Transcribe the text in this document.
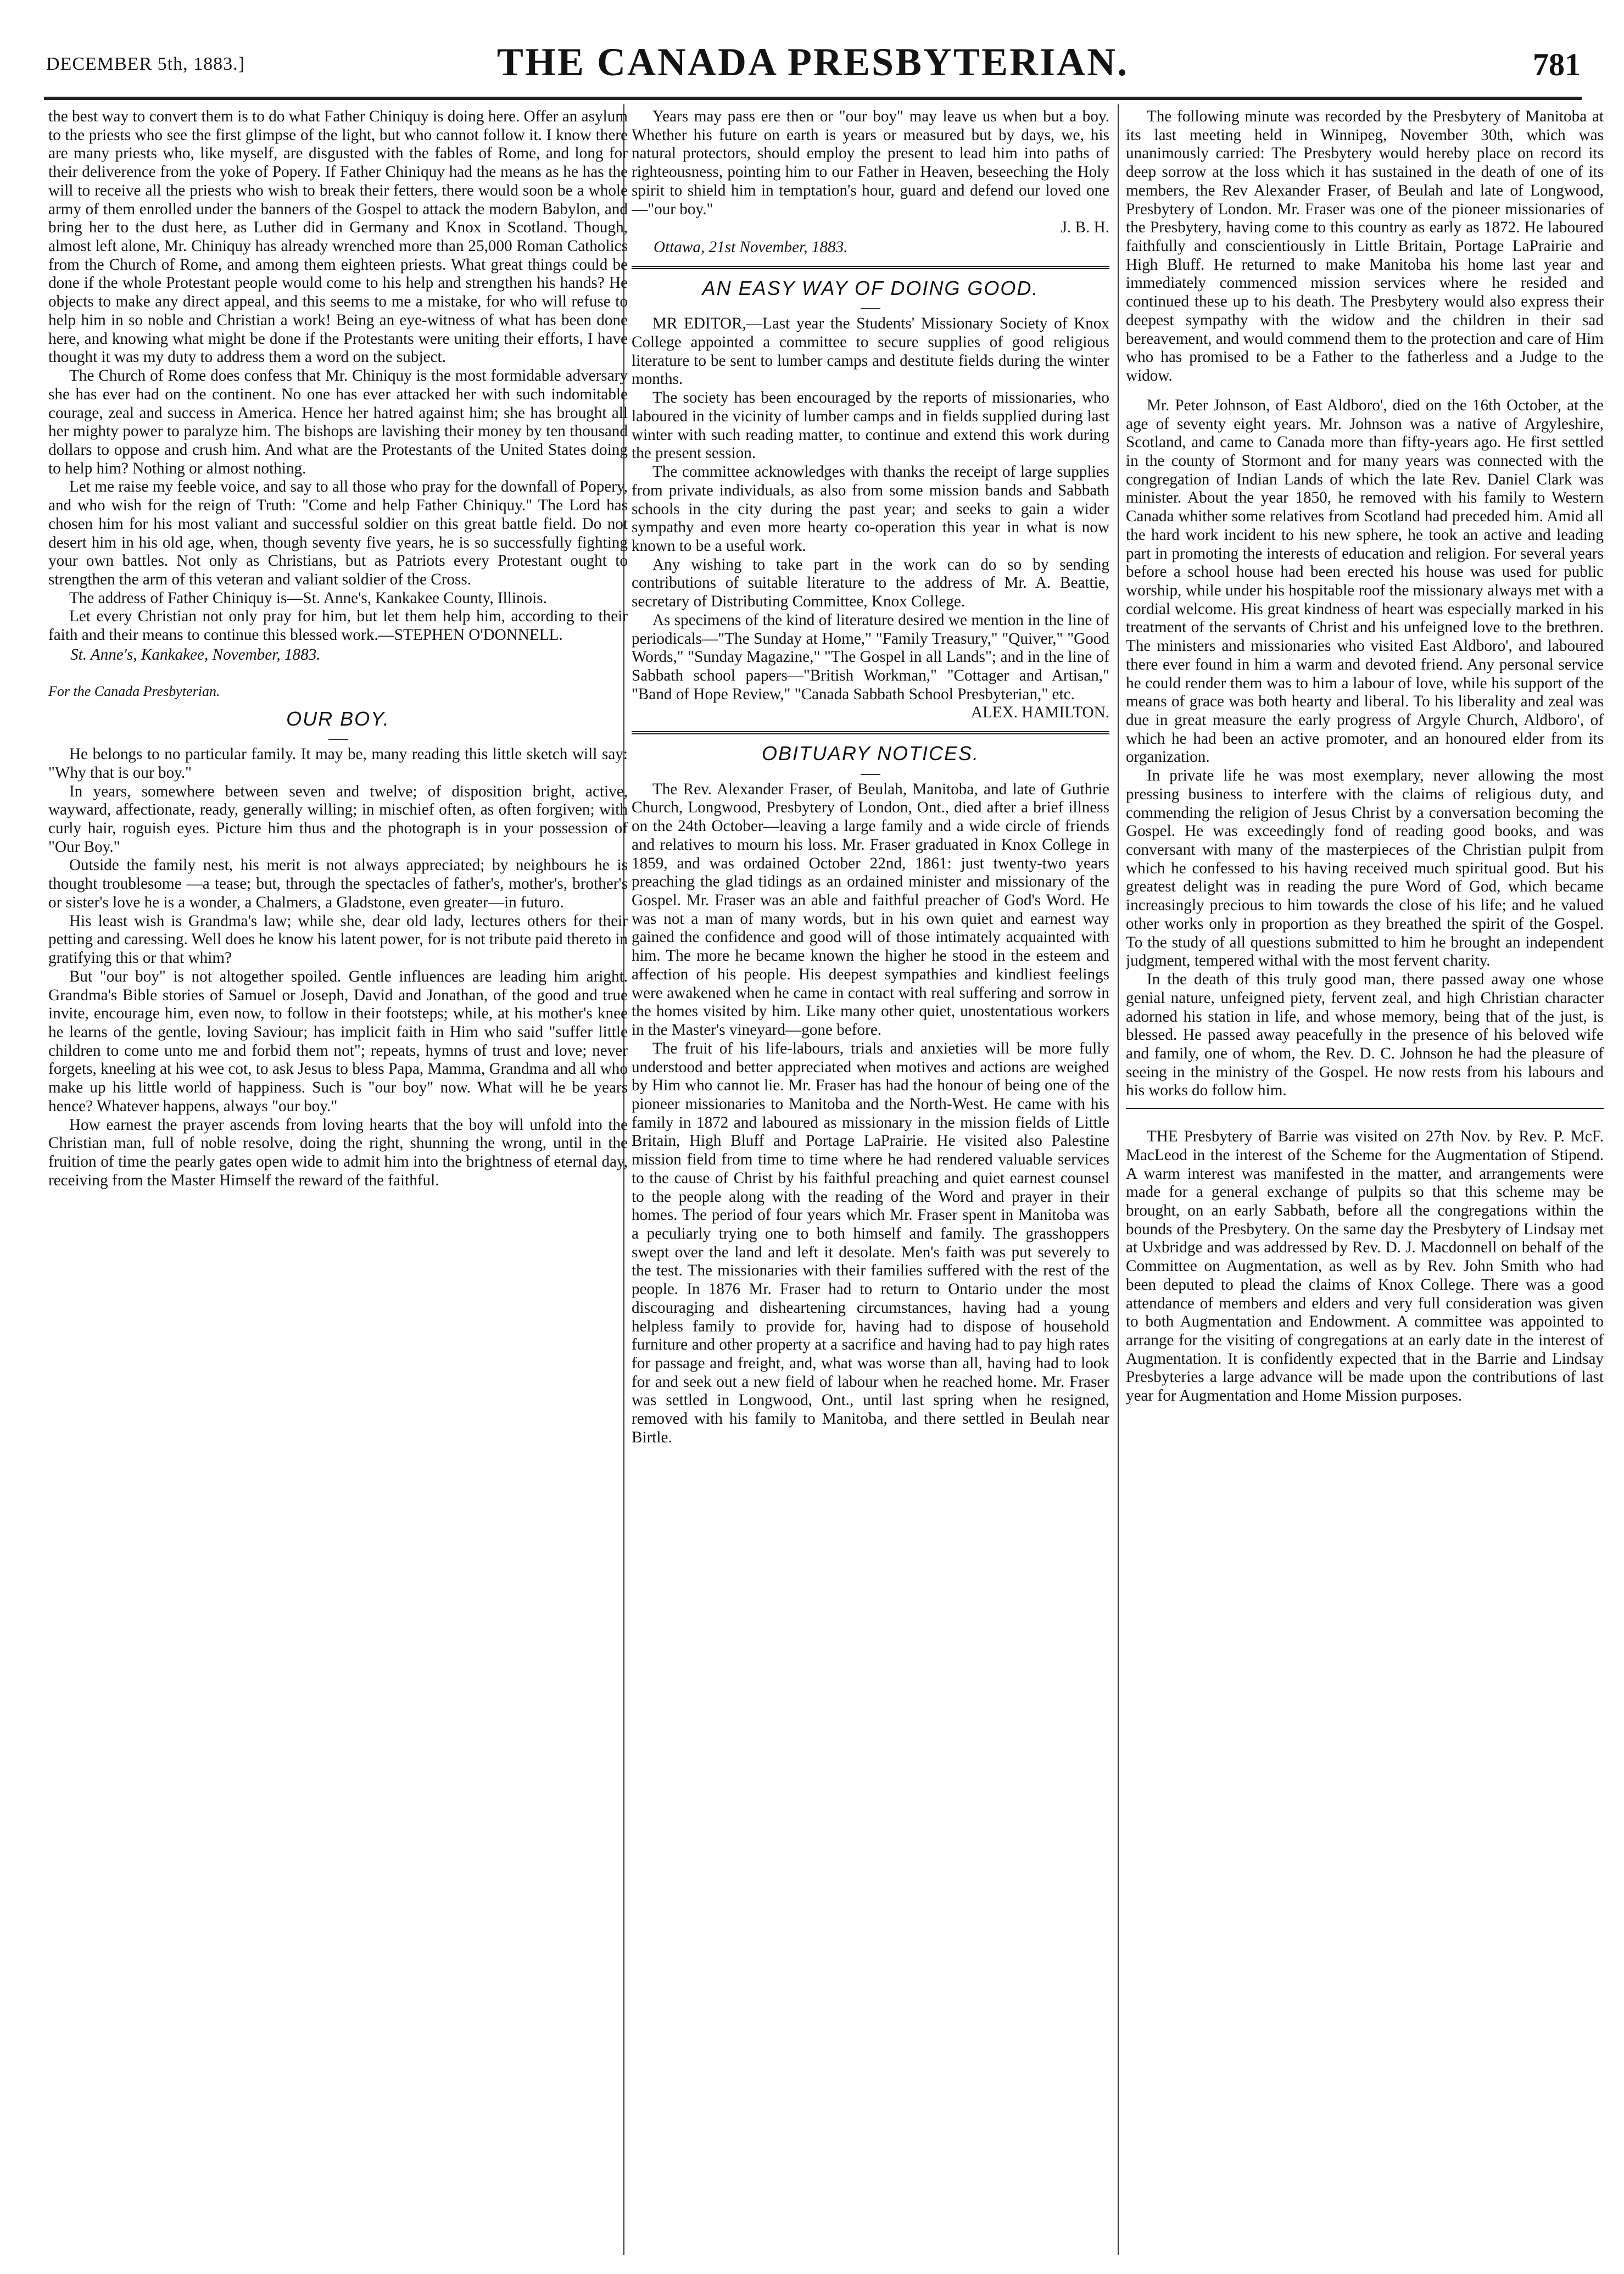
DECEMBER 5th, 1883.]	THE CANADA PRESBYTERIAN.	781

the best way to convert them is to do what Father Chiniquy is doing here. Offer an asylum to the priests who see the first glimpse of the light, but who cannot follow it. I know there are many priests who, like myself, are disgusted with the fables of Rome, and long for their deliverence from the yoke of Popery. If Father Chiniquy had the means as he has the will to receive all the priests who wish to break their fetters, there would soon be a whole army of them enrolled under the banners of the Gospel to attack the modern Babylon, and bring her to the dust here, as Luther did in Germany and Knox in Scotland. Though, almost left alone, Mr. Chiniquy has already wrenched more than 25,000 Roman Catholics from the Church of Rome, and among them eighteen priests. What great things could be done if the whole Protestant people would come to his help and strengthen his hands? He objects to make any direct appeal, and this seems to me a mistake, for who will refuse to help him in so noble and Christian a work! Being an eye-witness of what has been done here, and knowing what might be done if the Protestants were uniting their efforts, I have thought it was my duty to address them a word on the subject.

The Church of Rome does confess that Mr. Chiniquy is the most formidable adversary she has ever had on the continent. No one has ever attacked her with such indomitable courage, zeal and success in America. Hence her hatred against him; she has brought all her mighty power to paralyze him. The bishops are lavishing their money by ten thousand dollars to oppose and crush him. And what are the Protestants of the United States doing to help him? Nothing or almost nothing.

Let me raise my feeble voice, and say to all those who pray for the downfall of Popery, and who wish for the reign of Truth: "Come and help Father Chiniquy." The Lord has chosen him for his most valiant and successful soldier on this great battle field. Do not desert him in his old age, when, though seventy five years, he is so successfully fighting your own battles. Not only as Christians, but as Patriots every Protestant ought to strengthen the arm of this veteran and valiant soldier of the Cross.

The address of Father Chiniquy is—St. Anne's, Kankakee County, Illinois.

Let every Christian not only pray for him, but let them help him, according to their faith and their means to continue this blessed work.—STEPHEN O'DONNELL.

St. Anne's, Kankakee, November, 1883.

For the Canada Presbyterian.

OUR BOY.

He belongs to no particular family. It may be, many reading this little sketch will say: "Why that is our boy."

In years, somewhere between seven and twelve; of disposition bright, active, wayward, affectionate, ready, generally willing; in mischief often, as often forgiven; with curly hair, roguish eyes. Picture him thus and the photograph is in your possession of "Our Boy."

Outside the family nest, his merit is not always appreciated; by neighbours he is thought troublesome —a tease; but, through the spectacles of father's, mother's, brother's or sister's love he is a wonder, a Chalmers, a Gladstone, even greater—in futuro.

His least wish is Grandma's law; while she, dear old lady, lectures others for their petting and caressing. Well does he know his latent power, for is not tribute paid thereto in gratifying this or that whim?

But "our boy" is not altogether spoiled. Gentle influences are leading him aright. Grandma's Bible stories of Samuel or Joseph, David and Jonathan, of the good and true invite, encourage him, even now, to follow in their footsteps; while, at his mother's knee he learns of the gentle, loving Saviour; has implicit faith in Him who said "suffer little children to come unto me and forbid them not"; repeats, hymns of trust and love; never forgets, kneeling at his wee cot, to ask Jesus to bless Papa, Mamma, Grandma and all who make up his little world of happiness. Such is "our boy" now. What will he be years hence? Whatever happens, always "our boy."

How earnest the prayer ascends from loving hearts that the boy will unfold into the Christian man, full of noble resolve, doing the right, shunning the wrong, until in the fruition of time the pearly gates open wide to admit him into the brightness of eternal day, receiving from the Master Himself the reward of the faithful.

Years may pass ere then or "our boy" may leave us when but a boy. Whether his future on earth is years or measured but by days, we, his natural protectors, should employ the present to lead him into paths of righteousness, pointing him to our Father in Heaven, beseeching the Holy spirit to shield him in temptation's hour, guard and defend our loved one—"our boy."

J. B. H.

Ottawa, 21st November, 1883.

AN EASY WAY OF DOING GOOD.

MR EDITOR,—Last year the Students' Missionary Society of Knox College appointed a committee to secure supplies of good religious literature to be sent to lumber camps and destitute fields during the winter months.

The society has been encouraged by the reports of missionaries, who laboured in the vicinity of lumber camps and in fields supplied during last winter with such reading matter, to continue and extend this work during the present session.

The committee acknowledges with thanks the receipt of large supplies from private individuals, as also from some mission bands and Sabbath schools in the city during the past year; and seeks to gain a wider sympathy and even more hearty co-operation this year in what is now known to be a useful work.

Any wishing to take part in the work can do so by sending contributions of suitable literature to the address of Mr. A. Beattie, secretary of Distributing Committee, Knox College.

As specimens of the kind of literature desired we mention in the line of periodicals—"The Sunday at Home," "Family Treasury," "Quiver," "Good Words," "Sunday Magazine," "The Gospel in all Lands"; and in the line of Sabbath school papers—"British Workman," "Cottager and Artisan," "Band of Hope Review," "Canada Sabbath School Presbyterian," etc.

ALEX. HAMILTON.

OBITUARY NOTICES.

The Rev. Alexander Fraser, of Beulah, Manitoba, and late of Guthrie Church, Longwood, Presbytery of London, Ont., died after a brief illness on the 24th October—leaving a large family and a wide circle of friends and relatives to mourn his loss. Mr. Fraser graduated in Knox College in 1859, and was ordained October 22nd, 1861: just twenty-two years preaching the glad tidings as an ordained minister and missionary of the Gospel. Mr. Fraser was an able and faithful preacher of God's Word. He was not a man of many words, but in his own quiet and earnest way gained the confidence and good will of those intimately acquainted with him. The more he became known the higher he stood in the esteem and affection of his people. His deepest sympathies and kindliest feelings were awakened when he came in contact with real suffering and sorrow in the homes visited by him. Like many other quiet, unostentatious workers in the Master's vineyard—gone before.

The fruit of his life-labours, trials and anxieties will be more fully understood and better appreciated when motives and actions are weighed by Him who cannot lie. Mr. Fraser has had the honour of being one of the pioneer missionaries to Manitoba and the North-West. He came with his family in 1872 and laboured as missionary in the mission fields of Little Britain, High Bluff and Portage LaPrairie. He visited also Palestine mission field from time to time where he had rendered valuable services to the cause of Christ by his faithful preaching and quiet earnest counsel to the people along with the reading of the Word and prayer in their homes. The period of four years which Mr. Fraser spent in Manitoba was a peculiarly trying one to both himself and family. The grasshoppers swept over the land and left it desolate. Men's faith was put severely to the test. The missionaries with their families suffered with the rest of the people. In 1876 Mr. Fraser had to return to Ontario under the most discouraging and disheartening circumstances, having had a young helpless family to provide for, having had to dispose of household furniture and other property at a sacrifice and having had to pay high rates for passage and freight, and, what was worse than all, having had to look for and seek out a new field of labour when he reached home. Mr. Fraser was settled in Longwood, Ont., until last spring when he resigned, removed with his family to Manitoba, and there settled in Beulah near Birtle.

The following minute was recorded by the Presbytery of Manitoba at its last meeting held in Winnipeg, November 30th, which was unanimously carried: The Presbytery would hereby place on record its deep sorrow at the loss which it has sustained in the death of one of its members, the Rev Alexander Fraser, of Beulah and late of Longwood, Presbytery of London. Mr. Fraser was one of the pioneer missionaries of the Presbytery, having come to this country as early as 1872. He laboured faithfully and conscientiously in Little Britain, Portage LaPrairie and High Bluff. He returned to make Manitoba his home last year and immediately commenced mission services where he resided and continued these up to his death. The Presbytery would also express their deepest sympathy with the widow and the children in their sad bereavement, and would commend them to the protection and care of Him who has promised to be a Father to the fatherless and a Judge to the widow.

Mr. Peter Johnson, of East Aldboro', died on the 16th October, at the age of seventy eight years. Mr. Johnson was a native of Argyleshire, Scotland, and came to Canada more than fifty-years ago. He first settled in the county of Stormont and for many years was connected with the congregation of Indian Lands of which the late Rev. Daniel Clark was minister. About the year 1850, he removed with his family to Western Canada whither some relatives from Scotland had preceded him. Amid all the hard work incident to his new sphere, he took an active and leading part in promoting the interests of education and religion. For several years before a school house had been erected his house was used for public worship, while under his hospitable roof the missionary always met with a cordial welcome. His great kindness of heart was especially marked in his treatment of the servants of Christ and his unfeigned love to the brethren. The ministers and missionaries who visited East Aldboro', and laboured there ever found in him a warm and devoted friend. Any personal service he could render them was to him a labour of love, while his support of the means of grace was both hearty and liberal. To his liberality and zeal was due in great measure the early progress of Argyle Church, Aldboro', of which he had been an active promoter, and an honoured elder from its organization.

In private life he was most exemplary, never allowing the most pressing business to interfere with the claims of religious duty, and commending the religion of Jesus Christ by a conversation becoming the Gospel. He was exceedingly fond of reading good books, and was conversant with many of the masterpieces of the Christian pulpit from which he confessed to his having received much spiritual good. But his greatest delight was in reading the pure Word of God, which became increasingly precious to him towards the close of his life; and he valued other works only in proportion as they breathed the spirit of the Gospel. To the study of all questions submitted to him he brought an independent judgment, tempered withal with the most fervent charity.

In the death of this truly good man, there passed away one whose genial nature, unfeigned piety, fervent zeal, and high Christian character adorned his station in life, and whose memory, being that of the just, is blessed. He passed away peacefully in the presence of his beloved wife and family, one of whom, the Rev. D. C. Johnson he had the pleasure of seeing in the ministry of the Gospel. He now rests from his labours and his works do follow him.

THE Presbytery of Barrie was visited on 27th Nov. by Rev. P. McF. MacLeod in the interest of the Scheme for the Augmentation of Stipend. A warm interest was manifested in the matter, and arrangements were made for a general exchange of pulpits so that this scheme may be brought, on an early Sabbath, before all the congregations within the bounds of the Presbytery. On the same day the Presbytery of Lindsay met at Uxbridge and was addressed by Rev. D. J. Macdonnell on behalf of the Committee on Augmentation, as well as by Rev. John Smith who had been deputed to plead the claims of Knox College. There was a good attendance of members and elders and very full consideration was given to both Augmentation and Endowment. A committee was appointed to arrange for the visiting of congregations at an early date in the interest of Augmentation. It is confidently expected that in the Barrie and Lindsay Presbyteries a large advance will be made upon the contributions of last year for Augmentation and Home Mission purposes.
